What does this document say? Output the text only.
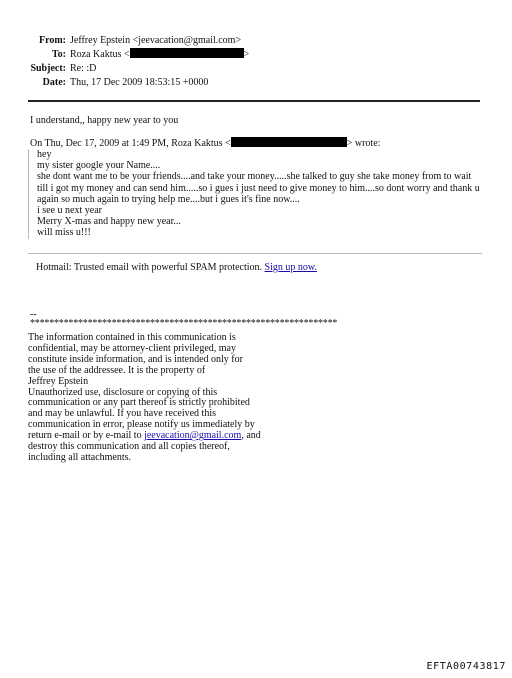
From: Jeffrey Epstein <jeevacation@gmail.com>
To: Roza Kaktus <	>
Subject: Re: :D
Date: Thu, 17 Dec 2009 18:53:15 +0000
I understand,, happy new year to you
On Thu, Dec 17, 2009 at 1:49 PM, Roza Kaktus <	> wrote:
hey
my sister google your Name....
she dont want me to be your friends....and take your money.....she talked to guy she take money from to wait
till i got my money and can send him.....so i gues i just need to give money to him....so dont worry and thank u
again so much again to trying help me....but i gues it's fine now....
i see u next year
Merry X-mas and happy new year...
will miss u!!!
Hotmail: Trusted email with powerful SPAM protection. Sign up now.
--
****************************************************************
The information contained in this communication is
confidential, may be attorney-client privileged, may
constitute inside information, and is intended only for
the use of the addressee. It is the property of
Jeffrey Epstein
Unauthorized use, disclosure or copying of this
communication or any part thereof is strictly prohibited
and may be unlawful. If you have received this
communication in error, please notify us immediately by
return e-mail or by e-mail to jeevacation@gmail.com, and
destroy this communication and all copies thereof,
including all attachments.
EFTA00743817
